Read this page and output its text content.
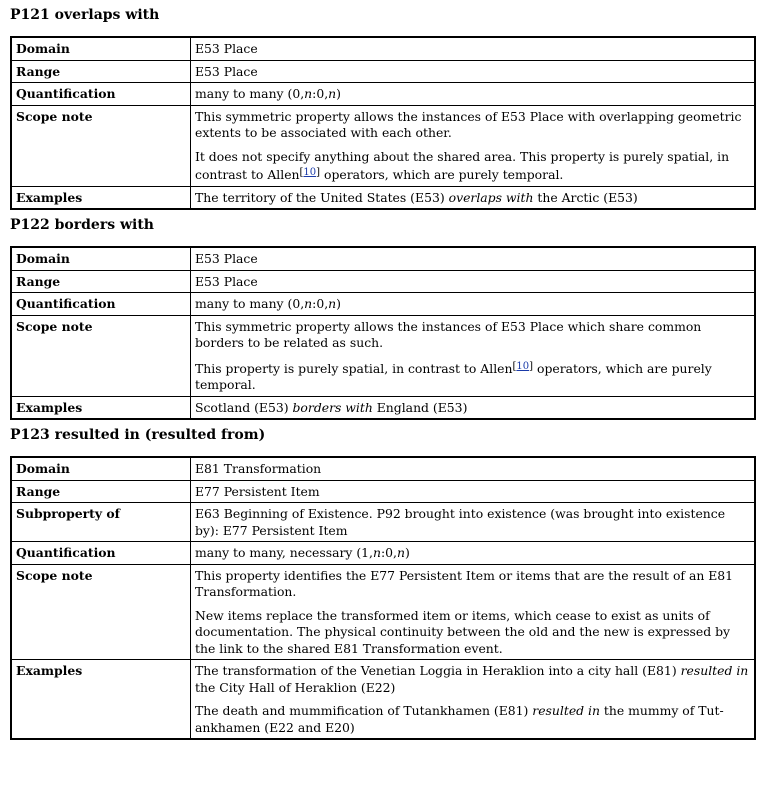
P121 overlaps with
Domain	E53 Place
Range	E53 Place
Quantification	many to many (0,n:0,n)
Scope note	This symmetric property allows the instances of E53 Place with overlapping geometric extents to be associated with each other.

It does not specify anything about the shared area. This property is purely spatial, in contrast to Allen[10] operators, which are purely temporal.

Examples	The territory of the United States (E53) overlaps with the Arctic (E53)
P122 borders with
Domain	E53 Place
Range	E53 Place
Quantification	many to many (0,n:0,n)
Scope note	This symmetric property allows the instances of E53 Place which share common borders to be related as such.

This property is purely spatial, in contrast to Allen[10] operators, which are purely temporal.

Examples	Scotland (E53) borders with England (E53)
P123 resulted in (resulted from)
Domain	E81 Transformation
Range	E77 Persistent Item
Subproperty of	E63 Beginning of Existence. P92 brought into existence (was brought into existence by): E77 Persistent Item
Quantification	many to many, necessary (1,n:0,n)
Scope note	This property identifies the E77 Persistent Item or items that are the result of an E81 Transformation.

New items replace the transformed item or items, which cease to exist as units of documentation. The physical continuity between the old and the new is expressed by the link to the shared E81 Transformation event.

Examples	The transformation of the Venetian Loggia in Heraklion into a city hall (E81) resulted in the City Hall of Heraklion (E22)

The death and mummification of Tutankhamen (E81) resulted in the mummy of Tut-ankhamen (E22 and E20)
